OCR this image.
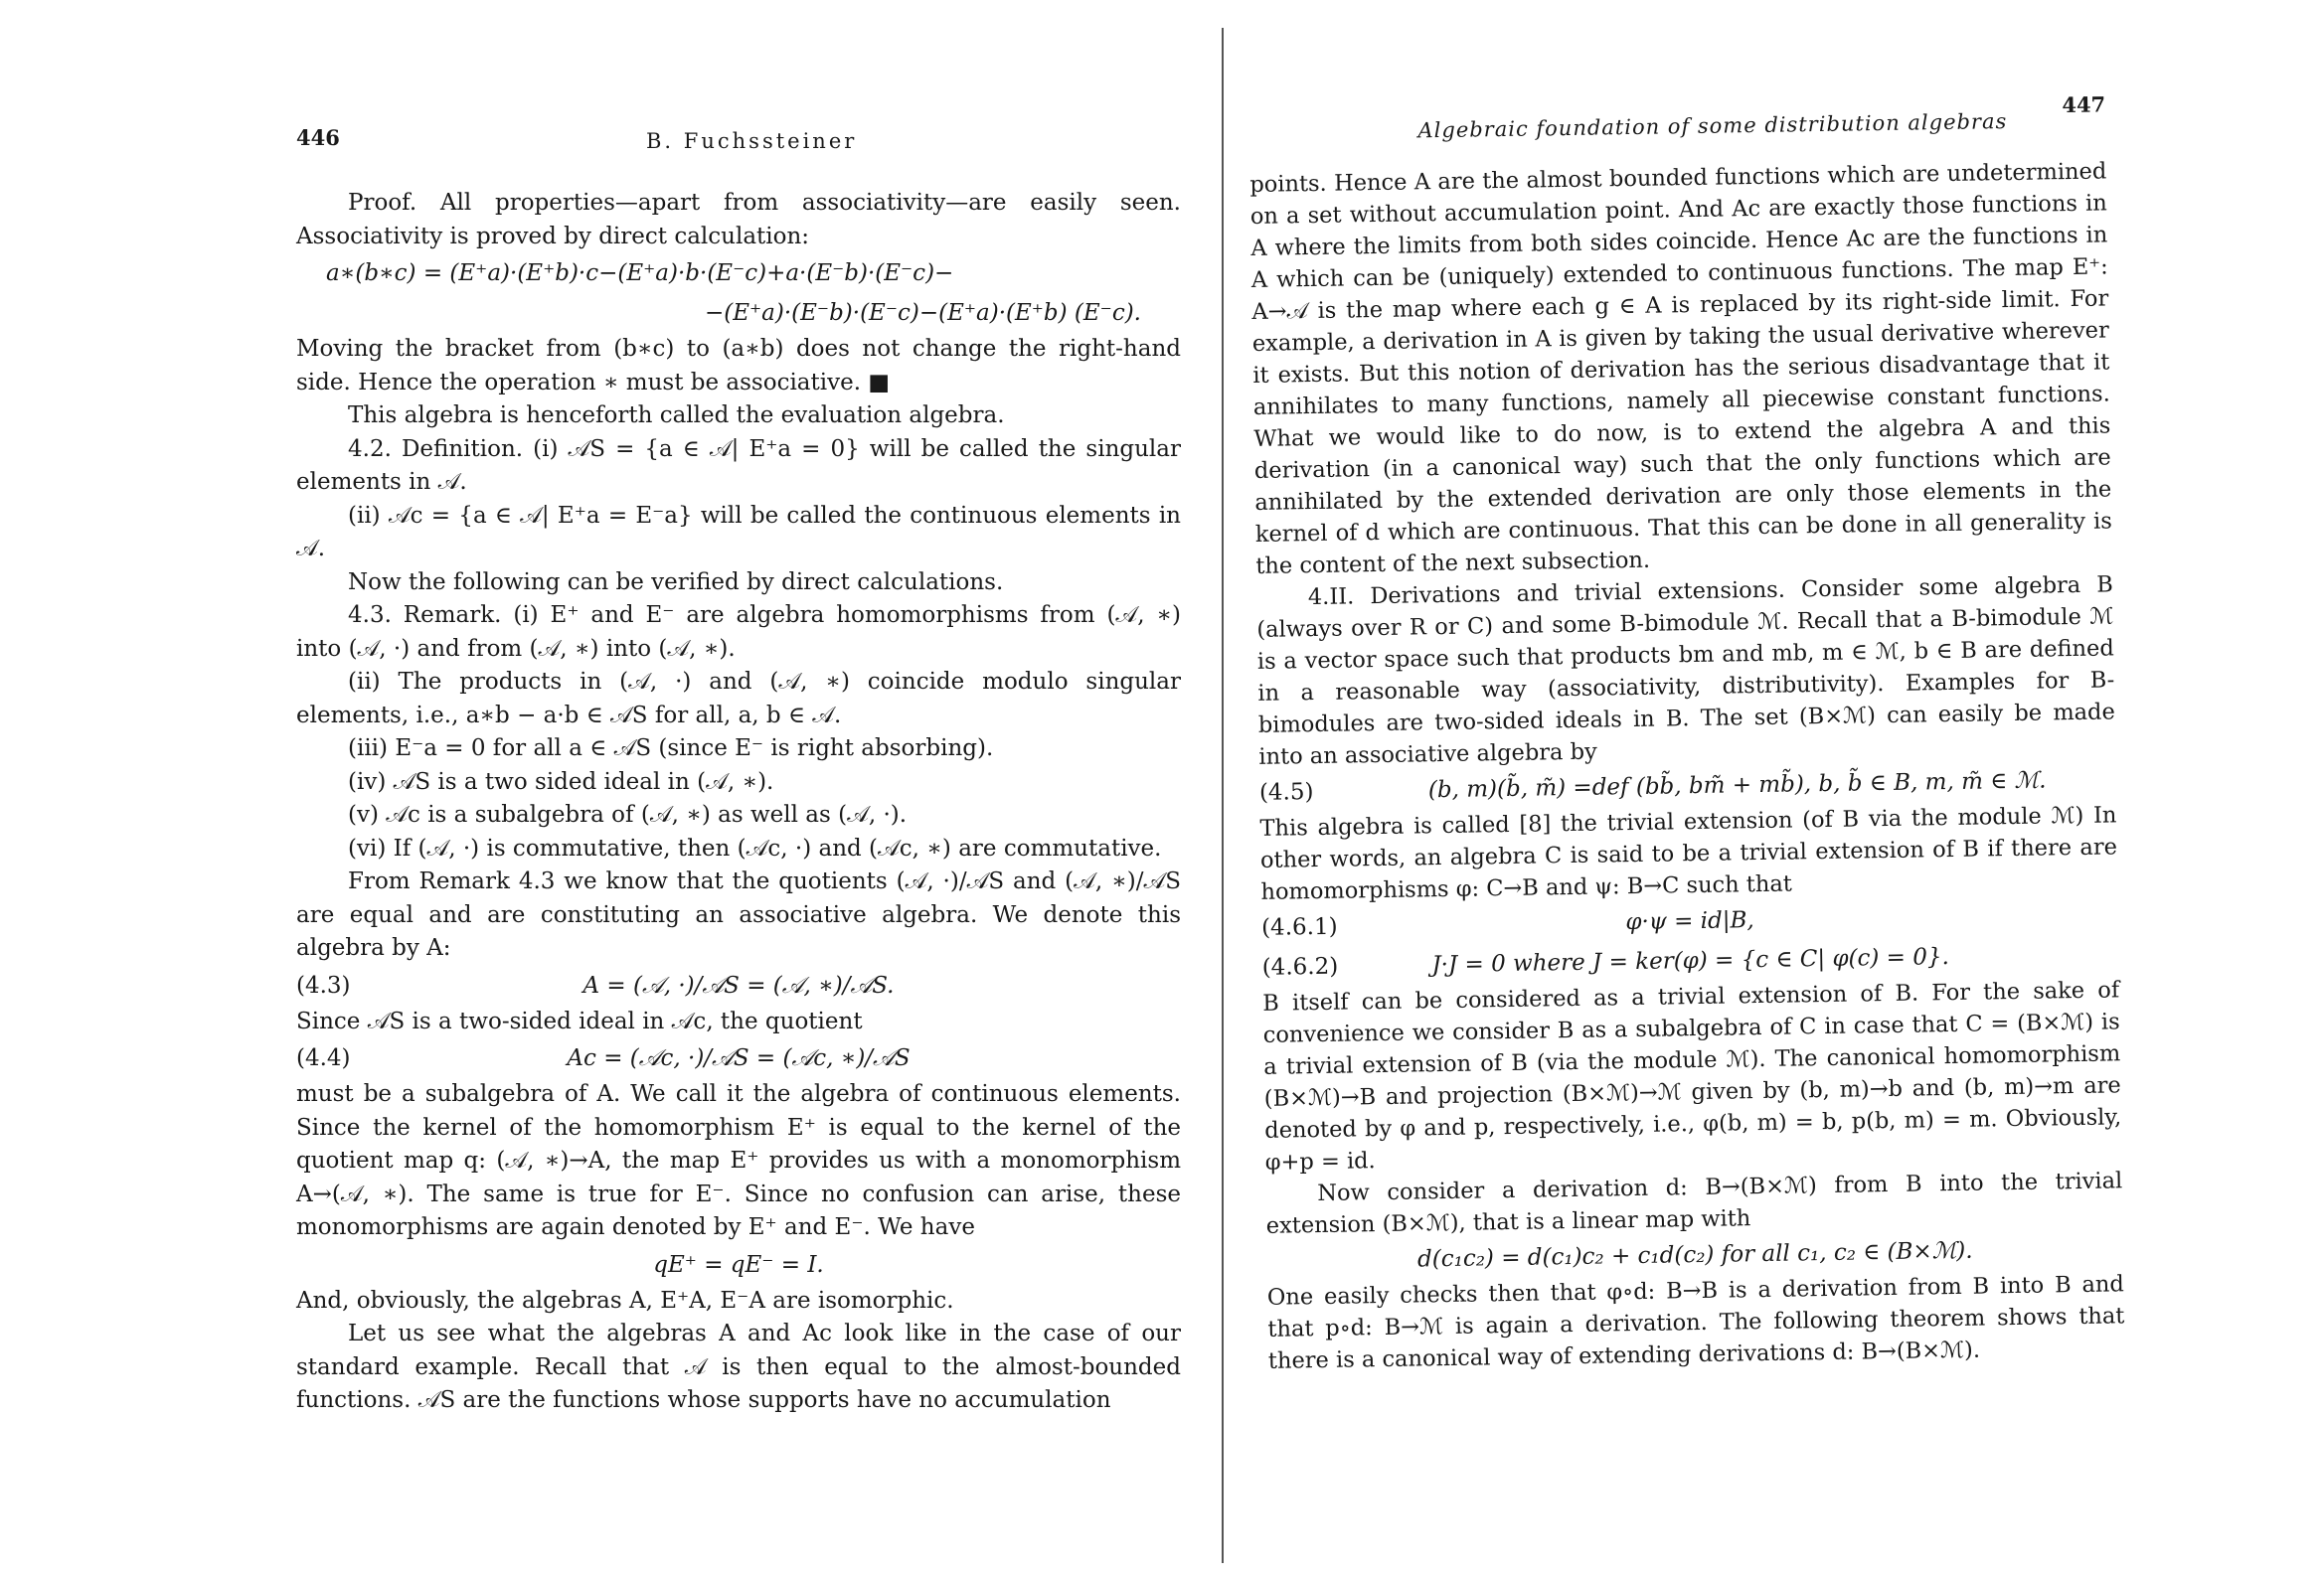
446	B. Fuchssteiner

Proof. All properties—apart from associativity—are easily seen. Associativity is proved by direct calculation:

a∗(b∗c) = (E⁺a)·(E⁺b)·c−(E⁺a)·b·(E⁻c)+a·(E⁻b)·(E⁻c)−
−(E⁺a)·(E⁻b)·(E⁻c)−(E⁺a)·(E⁺b) (E⁻c).

Moving the bracket from (b∗c) to (a∗b) does not change the right-hand side. Hence the operation ∗ must be associative. ■

This algebra is henceforth called the evaluation algebra.

4.2. Definition. (i) 𝒜S = {a ∈ 𝒜| E⁺a = 0} will be called the singular elements in 𝒜.

(ii) 𝒜c = {a ∈ 𝒜| E⁺a = E⁻a} will be called the continuous elements in 𝒜.

Now the following can be verified by direct calculations.

4.3. Remark. (i) E⁺ and E⁻ are algebra homomorphisms from (𝒜, ∗) into (𝒜, ·) and from (𝒜, ∗) into (𝒜, ∗).

(ii) The products in (𝒜, ·) and (𝒜, ∗) coincide modulo singular elements, i.e., a∗b − a·b ∈ 𝒜S for all, a, b ∈ 𝒜.

(iii) E⁻a = 0 for all a ∈ 𝒜S (since E⁻ is right absorbing).

(iv) 𝒜S is a two sided ideal in (𝒜, ∗).

(v) 𝒜c is a subalgebra of (𝒜, ∗) as well as (𝒜, ·).

(vi) If (𝒜, ·) is commutative, then (𝒜c, ·) and (𝒜c, ∗) are commutative.

From Remark 4.3 we know that the quotients (𝒜, ·)/𝒜S and (𝒜, ∗)/𝒜S are equal and are constituting an associative algebra. We denote this algebra by A:

(4.3)	A = (𝒜, ·)/𝒜S = (𝒜, ∗)/𝒜S.

Since 𝒜S is a two-sided ideal in 𝒜c, the quotient

(4.4)	Ac = (𝒜c, ·)/𝒜S = (𝒜c, ∗)/𝒜S

must be a subalgebra of A. We call it the algebra of continuous elements. Since the kernel of the homomorphism E⁺ is equal to the kernel of the quotient map q: (𝒜, ∗)→A, the map E⁺ provides us with a monomorphism A→(𝒜, ∗). The same is true for E⁻. Since no confusion can arise, these monomorphisms are again denoted by E⁺ and E⁻. We have

qE⁺ = qE⁻ = I.

And, obviously, the algebras A, E⁺A, E⁻A are isomorphic.

Let us see what the algebras A and Ac look like in the case of our standard example. Recall that 𝒜 is then equal to the almost-bounded functions. 𝒜S are the functions whose supports have no accumulation

Algebraic foundation of some distribution algebras
447

points. Hence A are the almost bounded functions which are undetermined on a set without accumulation point. And Ac are exactly those functions in A where the limits from both sides coincide. Hence Ac are the functions in A which can be (uniquely) extended to continuous functions. The map E⁺: A→𝒜 is the map where each g ∈ A is replaced by its right-side limit. For example, a derivation in A is given by taking the usual derivative wherever it exists. But this notion of derivation has the serious disadvantage that it annihilates to many functions, namely all piecewise constant functions. What we would like to do now, is to extend the algebra A and this derivation (in a canonical way) such that the only functions which are annihilated by the extended derivation are only those elements in the kernel of d which are continuous. That this can be done in all generality is the content of the next subsection.

4.II. Derivations and trivial extensions. Consider some algebra B (always over R or C) and some B-bimodule ℳ. Recall that a B-bimodule ℳ is a vector space such that products bm and mb, m ∈ ℳ, b ∈ B are defined in a reasonable way (associativity, distributivity). Examples for B-bimodules are two-sided ideals in B. The set (B×ℳ) can easily be made into an associative algebra by

(4.5)	(b, m)(b̃, m̃) =def (bb̃, bm̃ + mb̃), b, b̃ ∈ B, m, m̃ ∈ ℳ.

This algebra is called [8] the trivial extension (of B via the module ℳ) In other words, an algebra C is said to be a trivial extension of B if there are homomorphisms φ: C→B and ψ: B→C such that

(4.6.1)	φ·ψ = id|B,
(4.6.2)	J·J = 0 where J = ker(φ) = {c ∈ C| φ(c) = 0}.

B itself can be considered as a trivial extension of B. For the sake of convenience we consider B as a subalgebra of C in case that C = (B×ℳ) is a trivial extension of B (via the module ℳ). The canonical homomorphism (B×ℳ)→B and projection (B×ℳ)→ℳ given by (b, m)→b and (b, m)→m are denoted by φ and p, respectively, i.e., φ(b, m) = b, p(b, m) = m. Obviously, φ+p = id.

Now consider a derivation d: B→(B×ℳ) from B into the trivial extension (B×ℳ), that is a linear map with

d(c₁c₂) = d(c₁)c₂ + c₁d(c₂) for all c₁, c₂ ∈ (B×ℳ).

One easily checks then that φ∘d: B→B is a derivation from B into B and that p∘d: B→ℳ is again a derivation. The following theorem shows that there is a canonical way of extending derivations d: B→(B×ℳ).
